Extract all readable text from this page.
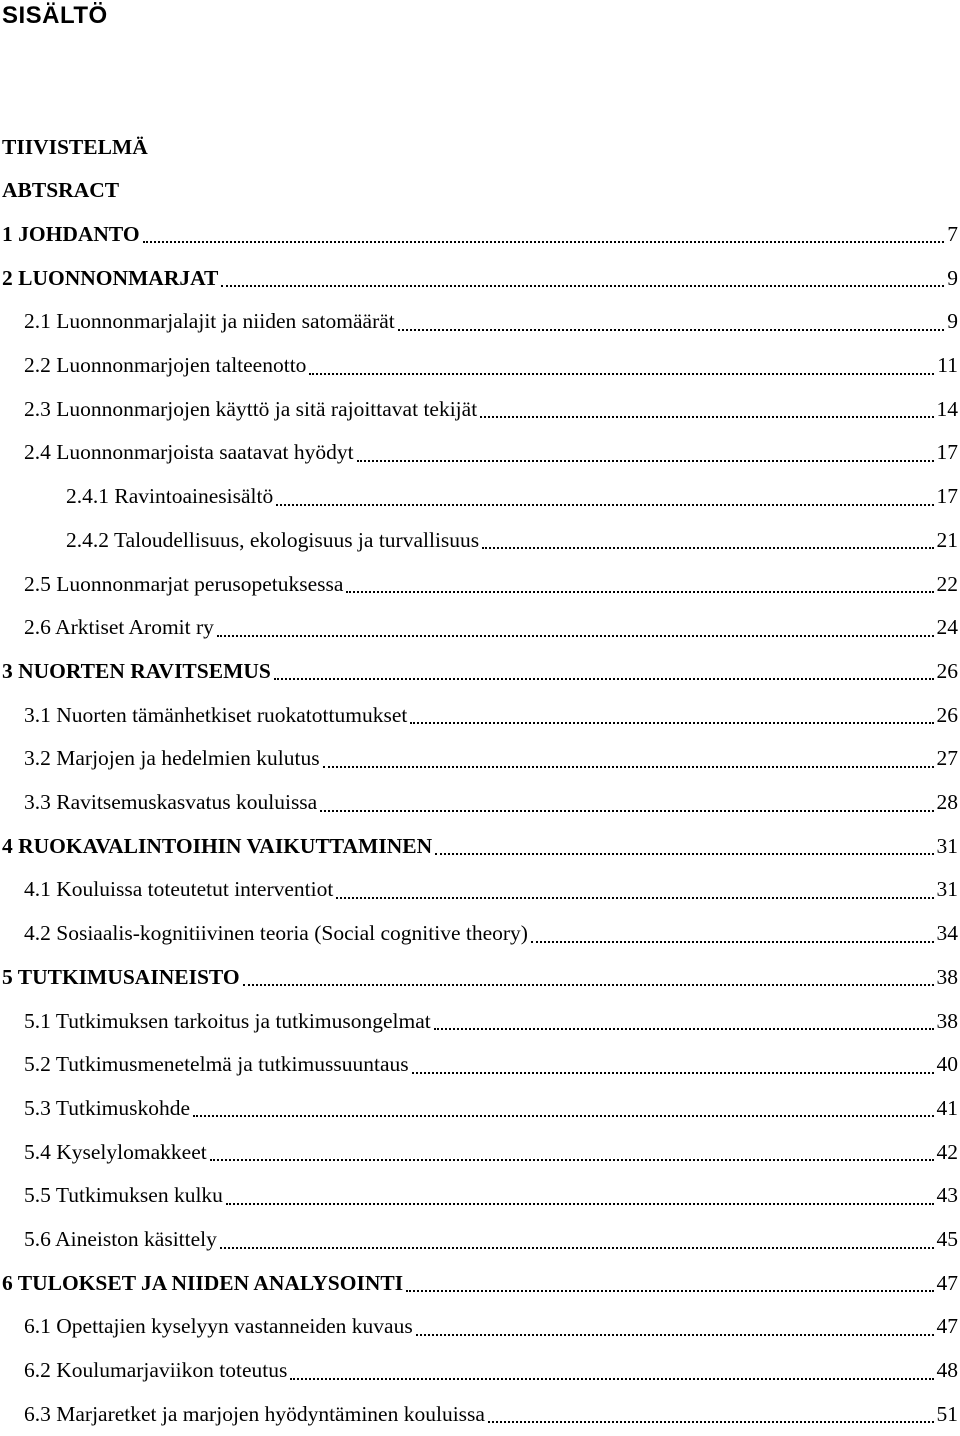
SISÄLTÖ
TIIVISTELMÄ
ABTSRACT
1 JOHDANTO	7
2 LUONNONMARJAT	9
2.1 Luonnonmarjalajit ja niiden satomäärät	9
2.2 Luonnonmarjojen talteenotto	11
2.3 Luonnonmarjojen käyttö ja sitä rajoittavat tekijät	14
2.4 Luonnonmarjoista saatavat hyödyt	17
2.4.1 Ravintoainesisältö	17
2.4.2 Taloudellisuus, ekologisuus ja turvallisuus	21
2.5 Luonnonmarjat perusopetuksessa	22
2.6 Arktiset Aromit ry	24
3 NUORTEN RAVITSEMUS	26
3.1 Nuorten tämänhetkiset ruokatottumukset	26
3.2 Marjojen ja hedelmien kulutus	27
3.3 Ravitsemuskasvatus kouluissa	28
4 RUOKAVALINTOIHIN VAIKUTTAMINEN	31
4.1 Kouluissa toteutetut interventiot	31
4.2 Sosiaalis-kognitiivinen teoria (Social cognitive theory)	34
5 TUTKIMUSAINEISTO	38
5.1 Tutkimuksen tarkoitus ja tutkimusongelmat	38
5.2 Tutkimusmenetelmä ja tutkimussuuntaus	40
5.3 Tutkimuskohde	41
5.4 Kyselylomakkeet	42
5.5 Tutkimuksen kulku	43
5.6 Aineiston käsittely	45
6 TULOKSET JA NIIDEN ANALYSOINTI	47
6.1 Opettajien kyselyyn vastanneiden kuvaus	47
6.2 Koulumarjaviikon toteutus	48
6.3 Marjaretket ja marjojen hyödyntäminen kouluissa	51
